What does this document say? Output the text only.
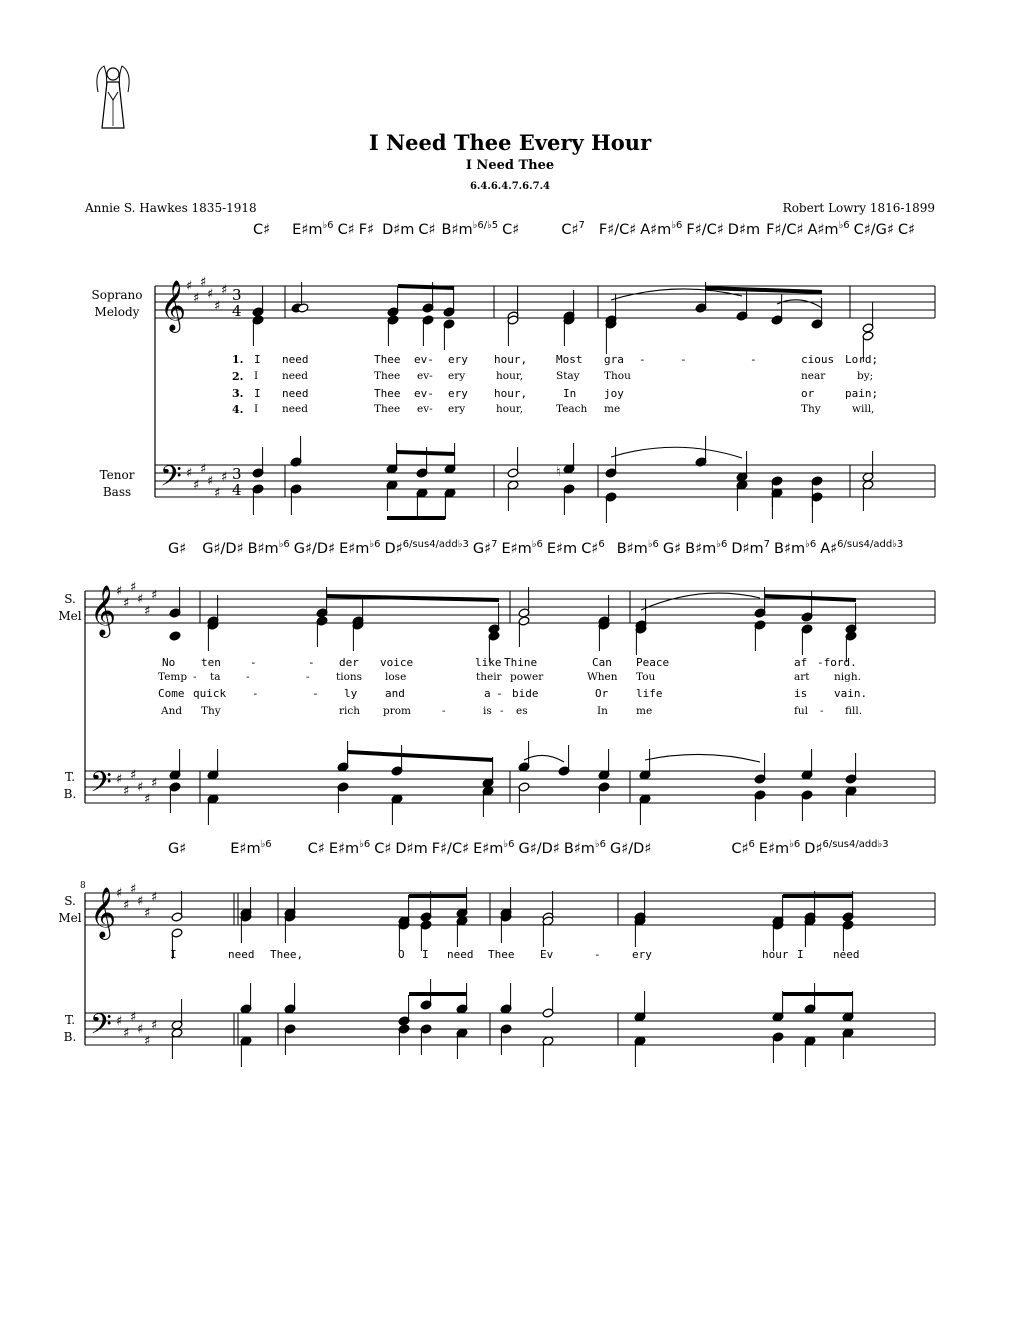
I Need Thee Every Hour
I Need Thee
6.4.6.4.7.6.7.4
Annie S. Hawkes 1835-1918	Robert Lowry 1816-1899
C♯ $E♯m^{♭6}$ C♯ F♯ D♯m C♯ $B♯m^{♭6/♭5}$ C♯	C♯$^7$ F♯/C♯ $A♯m^{♭6}$ F♯/C♯ D♯m F♯/C♯ $A♯m^{♭6}$ C♯/G♯ C♯
G♯ G♯/D♯ $B♯m^{♭6}$ G♯/D♯ $E♯m^{♭6}$ D♯$^{6/sus4/add♭3}$ G♯$^7$ $E♯m^{♭6}$ E♯m C♯$^6$ $B♯m^{♭6}$ G♯ $B♯m^{♭6}$ $D♯m^7$ $B♯m^{♭6}$ A♯$^{6/sus4/add♭3}$
G♯	$E♯m^{♭6}$ C♯ $E♯m^{♭6}$ C♯ D♯m F♯/C♯ $E♯m^{♭6}$ G♯/D♯ $B♯m^{♭6}$ G♯/D♯	C♯$^6$ $E♯m^{♭6}$ D♯$^{6/sus4/add♭3}$
Soprano
Melody
Tenor
Bass
S.
Mel
T.
B.
S.
Mel
T.
B.
8
1.
2.
3.
4.
I need	Thee ev- ery hour,	Most gra -	-	-	cious Lord;
I need	Thee ev- ery	hour,	Stay Thou	near	by;
I need	Thee ev- ery hour,	In	joy	or	pain;
I need	Thee ev- ery	hour,	Teach me	Thy	will,
No ten	-	- der voice	like Thine	Can Peace	af -ford.
Temp - ta -	-	tions lose	their power	When Tou	art nigh.
Come quick -	- ly	and	a - bide	Or	life	is vain.
And Thy	rich prom	-	is - es	In	me	ful - fill.
I	need Thee,	O I need Thee Ev	-	ery	hour I	need
𝄞
𝄢
♯
♯
♯
♯
♯
♯
♯
♯
♯
♯
♯
♯
3
4
3
4
♮
𝄞
𝄢
♯
♯
♯
♯
♯
♯
♯
♯
♯
♯
♯
♯
𝄞
𝄢
♯
♯
♯
♯
♯
♯
♯
♯
♯
♯
♯
♯
